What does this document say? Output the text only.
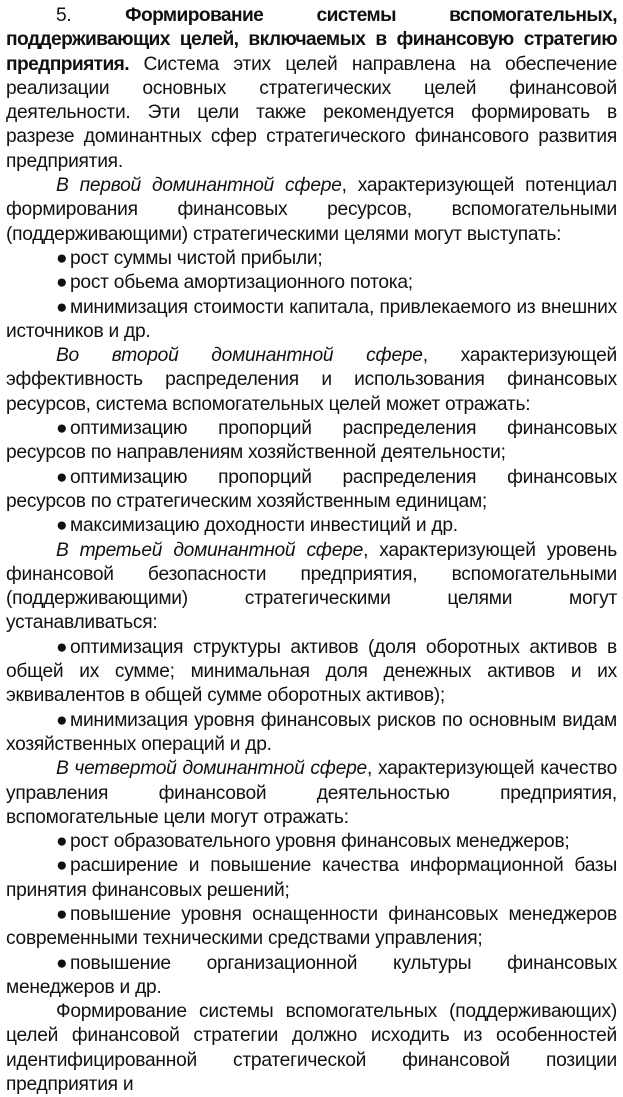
5.	Формирование системы вспомогательных, поддерживающих целей, включаемых в финансовую стратегию предприятия. Система этих целей направлена на обеспечение реализации основных стратегических целей финансовой деятельности. Эти цели также рекомендуется формировать в разрезе доминантных сфер стратегического финансового развития предприятия.

В первой доминантной сфере, характеризующей потенциал формирования финансовых ресурсов, вспомогательными (поддерживающими) стратегическими целями могут выступать:

● рост суммы чистой прибыли;

● рост обьема амортизационного потока;

● минимизация стоимости капитала, привлекаемого из внешних источников и др.

Во второй доминантной сфере, характеризующей эффективность распределения и использования финансовых ресурсов, система вспомогательных целей может отражать:

● оптимизацию пропорций распределения финансовых ресурсов по направлениям хозяйственной деятельности;

● оптимизацию пропорций распределения финансовых ресурсов по стратегическим хозяйственным единицам;

● максимизацию доходности инвестиций и др.

В третьей доминантной сфере, характеризующей уровень финансовой безопасности предприятия, вспомогательными (поддерживающими) стратегическими целями могут устанавливаться:

● оптимизация структуры активов (доля оборотных активов в общей их сумме; минимальная доля денежных активов и их эквивалентов в общей сумме оборотных активов);

● минимизация уровня финансовых рисков по основным видам хозяйственных операций и др.

В четвертой доминантной сфере, характеризующей качество управления финансовой деятельностью предприятия, вспомогательные цели могут отражать:

● рост образовательного уровня финансовых менеджеров;

● расширение и повышение качества информационной базы принятия финансовых решений;

● повышение уровня оснащенности финансовых менеджеров современными техническими средствами управления;

● повышение организационной культуры финансовых менеджеров и др.

Формирование системы вспомогательных (поддерживающих) целей финансовой стратегии должно исходить из особенностей идентифицированной стратегической финансовой позиции предприятия и
